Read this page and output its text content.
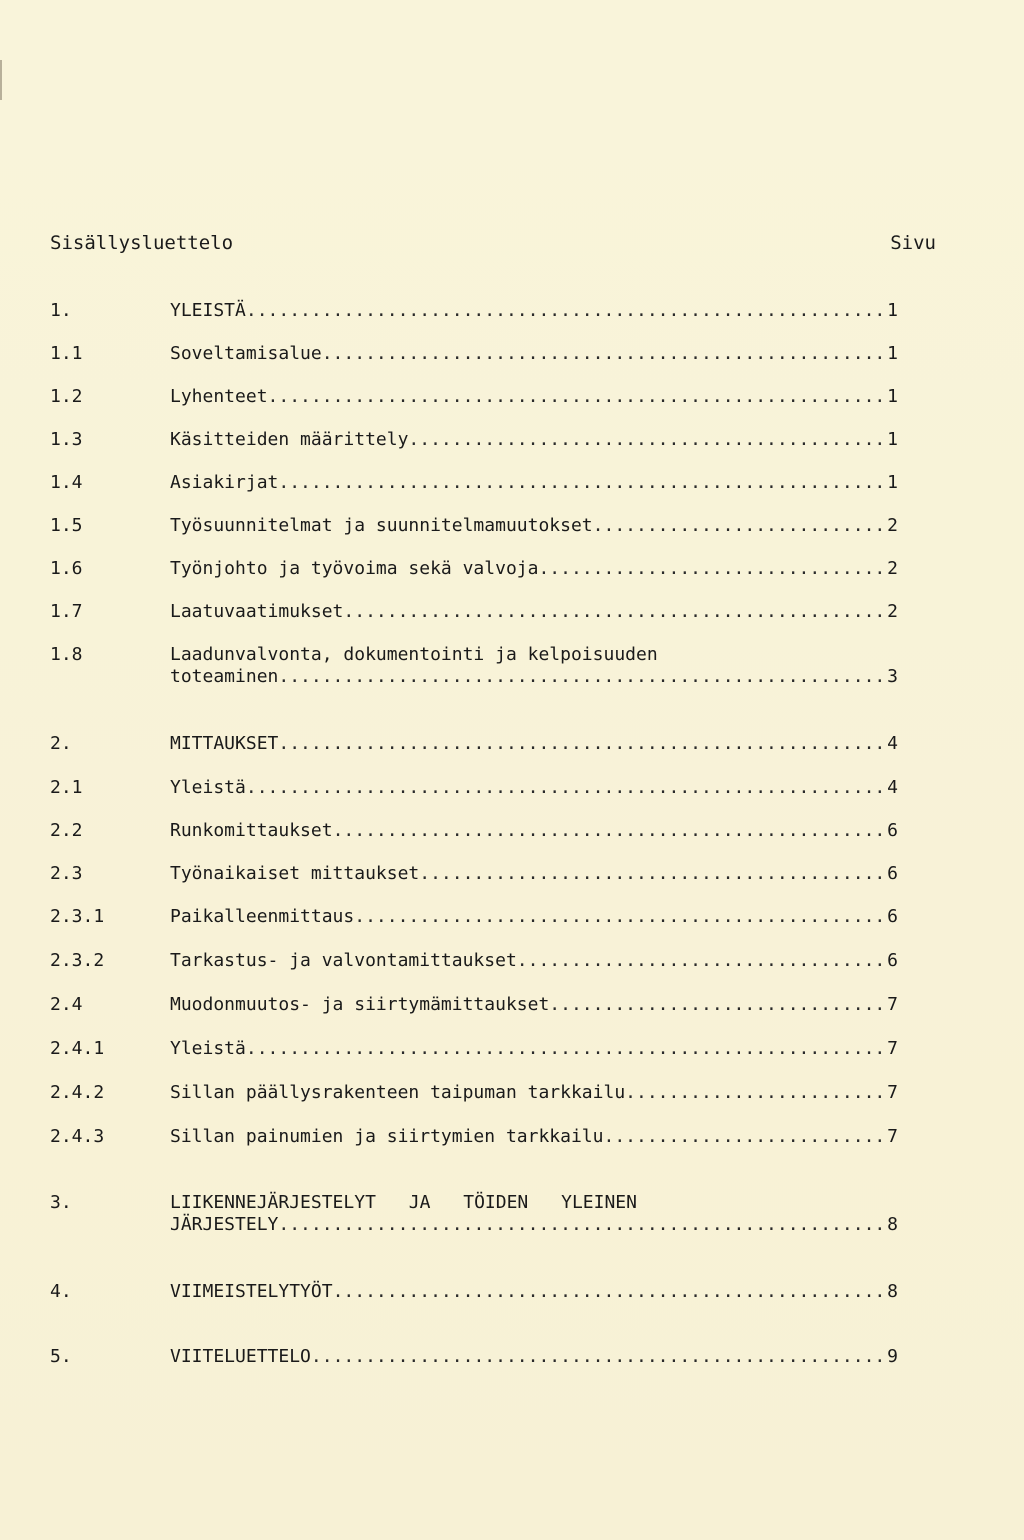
Sisällysluettelo	Sivu
1.	YLEISTÄ .....	1
1.1	Soveltamisalue .....	1
1.2	Lyhenteet .....	1
1.3	Käsitteiden määrittely .....	1
1.4	Asiakirjat .....	1
1.5	Työsuunnitelmat ja suunnitelmamuutokset .....	2
1.6	Työnjohto ja työvoima sekä valvoja .....	2
1.7	Laatuvaatimukset .....	2
1.8	Laadunvalvonta, dokumentointi ja kelpoisuuden
toteaminen .....	3
2.	MITTAUKSET .....	4
2.1	Yleistä .....	4
2.2	Runkomittaukset .....	6
2.3	Työnaikaiset mittaukset .....	6
2.3.1	Paikalleenmittaus .....	6
2.3.2	Tarkastus- ja valvontamittaukset .....	6
2.4	Muodonmuutos- ja siirtymämittaukset .....	7
2.4.1	Yleistä .....	7
2.4.2	Sillan päällysrakenteen taipuman tarkkailu .....	7
2.4.3	Sillan painumien ja siirtymien tarkkailu .....	7
3.	LIIKENNEJÄRJESTELYT JA TÖIDEN YLEINEN
JÄRJESTELY .....	8
4.	VIIMEISTELYTYÖT .....	8
5.	VIITELUETTELO .....	9
